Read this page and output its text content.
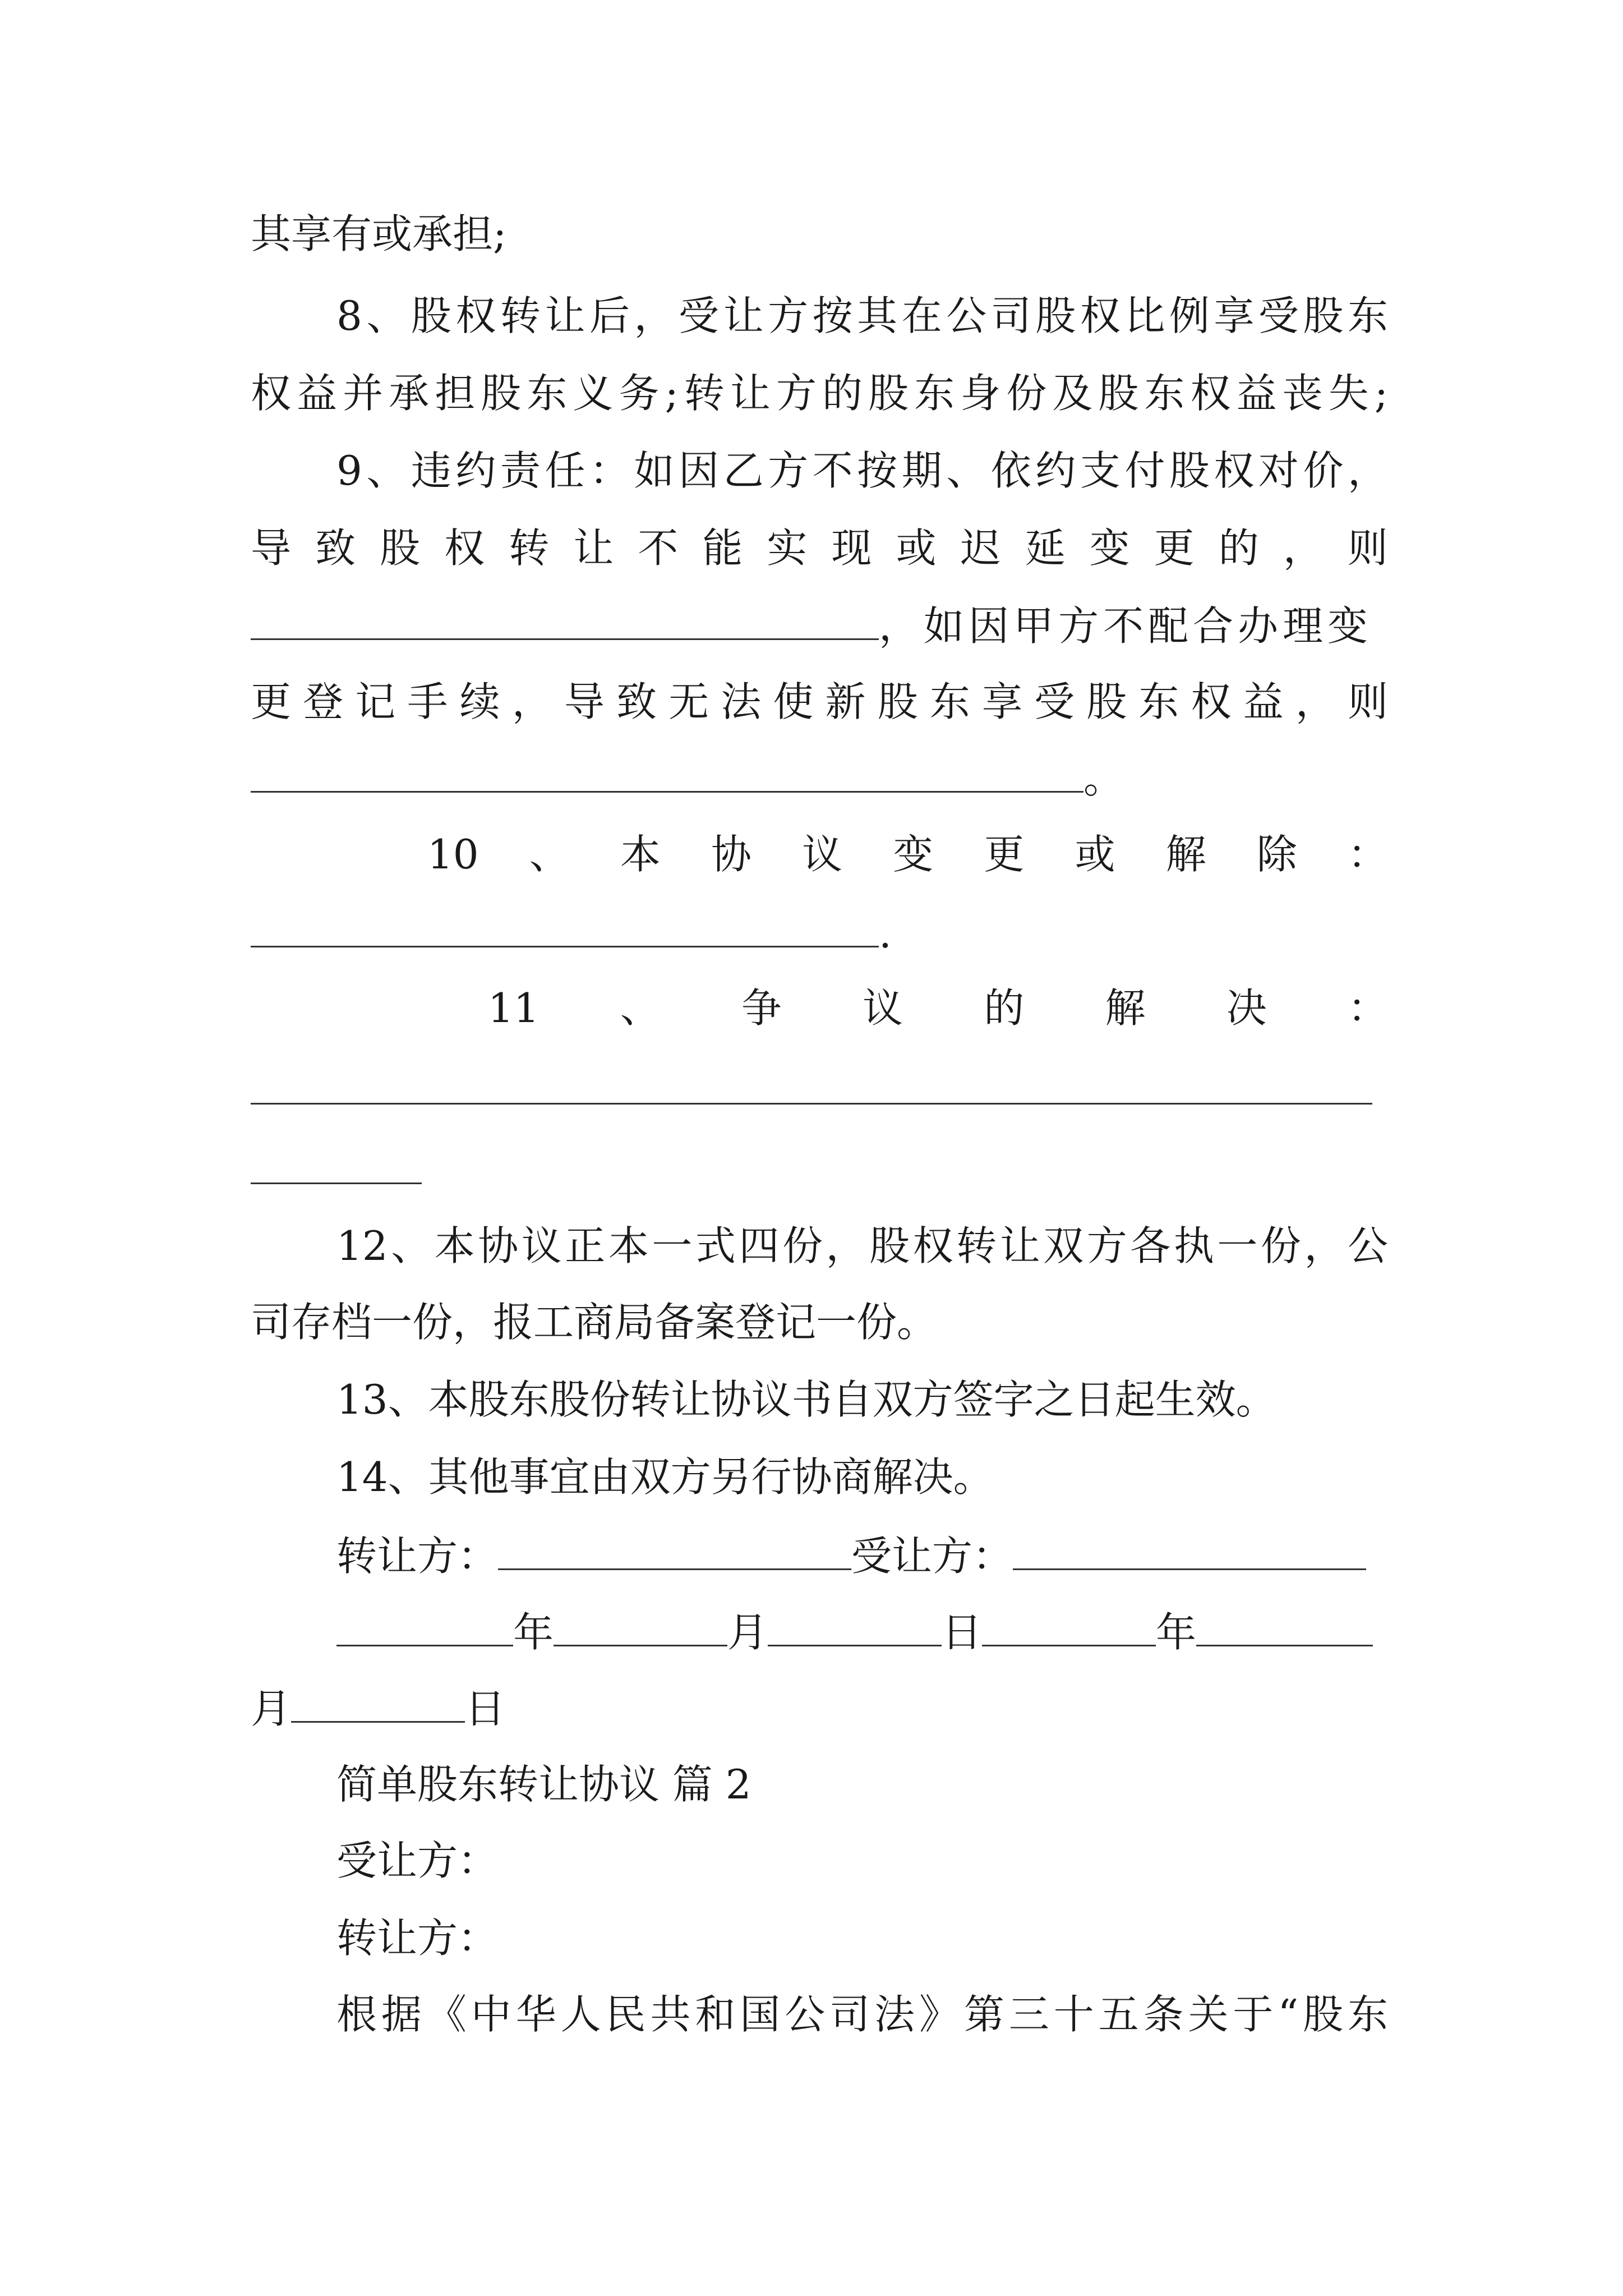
其享有或承担;
8、股权转让后，受让方按其在公司股权比例享受股东
权益并承担股东义务;转让方的股东身份及股东权益丧失;
9、违约责任：如因乙方不按期、依约支付股权对价，
导 致 股 权 转 让 不 能 实 现 或 迟 延 变 更 的 ， 则
，如因甲方不配合办理变
更 登 记 手 续 ， 导 致 无 法 使 新 股 东 享 受 股 东 权 益 ， 则
。
10 、 本 协 议 变 更 或 解 除 ：
.
11 、 争 议 的 解 决 ：
12、本协议正本一式四份，股权转让双方各执一份，公
司存档一份，报工商局备案登记一份。
13、本股东股份转让协议书自双方签字之日起生效。
14、其他事宜由双方另行协商解决。
转让方：	受让方：
年	月	日	年
月	日
简单股东转让协议 篇 2
受让方：
转让方：
根据《中华人民共和国公司法》第三十五条关于“股东
